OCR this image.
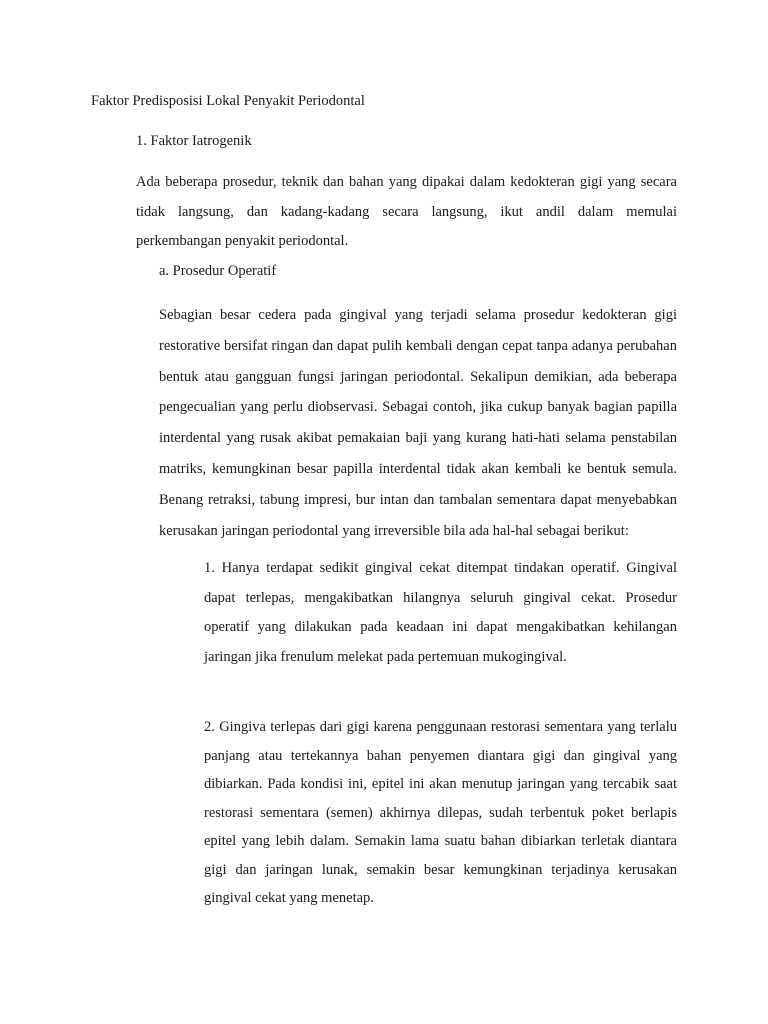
Faktor Predisposisi Lokal Penyakit Periodontal

1. Faktor Iatrogenik

Ada beberapa prosedur, teknik dan bahan yang dipakai dalam kedokteran gigi yang secara tidak langsung, dan kadang-kadang secara langsung, ikut andil dalam memulai perkembangan penyakit periodontal.

a. Prosedur Operatif

Sebagian besar cedera pada gingival yang terjadi selama prosedur kedokteran gigi restorative bersifat ringan dan dapat pulih kembali dengan cepat tanpa adanya perubahan bentuk atau gangguan fungsi jaringan periodontal. Sekalipun demikian, ada beberapa pengecualian yang perlu diobservasi. Sebagai contoh, jika cukup banyak bagian papilla interdental yang rusak akibat pemakaian baji yang kurang hati-hati selama penstabilan matriks, kemungkinan besar papilla interdental tidak akan kembali ke bentuk semula. Benang retraksi, tabung impresi, bur intan dan tambalan sementara dapat menyebabkan kerusakan jaringan periodontal yang irreversible bila ada hal-hal sebagai berikut:

1. Hanya terdapat sedikit gingival cekat ditempat tindakan operatif. Gingival dapat terlepas, mengakibatkan hilangnya seluruh gingival cekat. Prosedur operatif yang dilakukan pada keadaan ini dapat mengakibatkan kehilangan jaringan jika frenulum melekat pada pertemuan mukogingival.

2. Gingiva terlepas dari gigi karena penggunaan restorasi sementara yang terlalu panjang atau tertekannya bahan penyemen diantara gigi dan gingival yang dibiarkan. Pada kondisi ini, epitel ini akan menutup jaringan yang tercabik saat restorasi sementara (semen) akhirnya dilepas, sudah terbentuk poket berlapis epitel yang lebih dalam. Semakin lama suatu bahan dibiarkan terletak diantara gigi dan jaringan lunak, semakin besar kemungkinan terjadinya kerusakan gingival cekat yang menetap.
